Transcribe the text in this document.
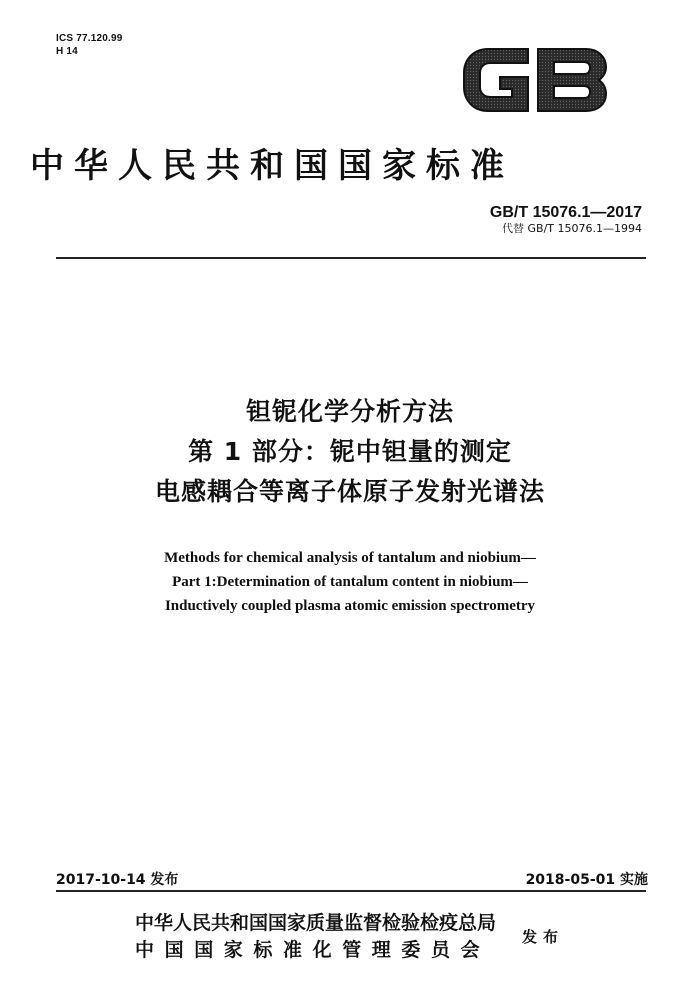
ICS 77.120.99
H 14
中华人民共和国国家标准
GB/T 15076.1—2017
代替 GB/T 15076.1—1994
钽铌化学分析方法
第 1 部分：铌中钽量的测定
电感耦合等离子体原子发射光谱法
Methods for chemical analysis of tantalum and niobium—
Part 1:Determination of tantalum content in niobium—
Inductively coupled plasma atomic emission spectrometry
2017-10-14 发布	2018-05-01 实施
中华人民共和国国家质量监督检验检疫总局
中国国家标准化管理委员会
发布
